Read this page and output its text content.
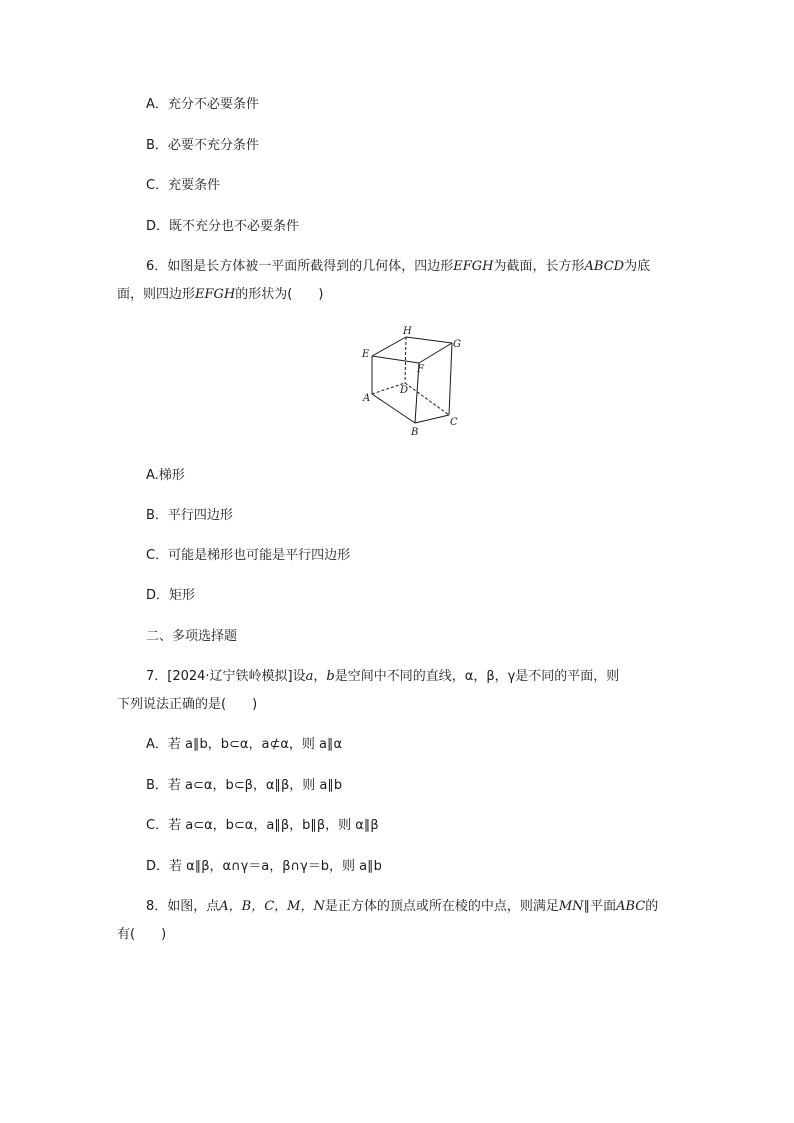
A．充分不必要条件
B．必要不充分条件
C．充要条件
D．既不充分也不必要条件
6．如图是长方体被一平面所截得到的几何体，四边形EFGH为截面，长方形ABCD为底
面，则四边形EFGH的形状为(　　)
H
G
E
F
D
A
C
B
A.梯形
B．平行四边形
C．可能是梯形也可能是平行四边形
D．矩形
二、多项选择题
7．[2024·辽宁铁岭模拟]设a，b是空间中不同的直线，α，β，γ是不同的平面，则
下列说法正确的是(　　)
A．若 a∥b，b⊂α，a⊄α，则 a∥α
B．若 a⊂α，b⊂β，α∥β，则 a∥b
C．若 a⊂α，b⊂α，a∥β，b∥β，则 α∥β
D．若 α∥β，α∩γ＝a，β∩γ＝b，则 a∥b
8．如图，点A，B，C，M，N是正方体的顶点或所在棱的中点，则满足MN∥平面ABC的
有(　　)
